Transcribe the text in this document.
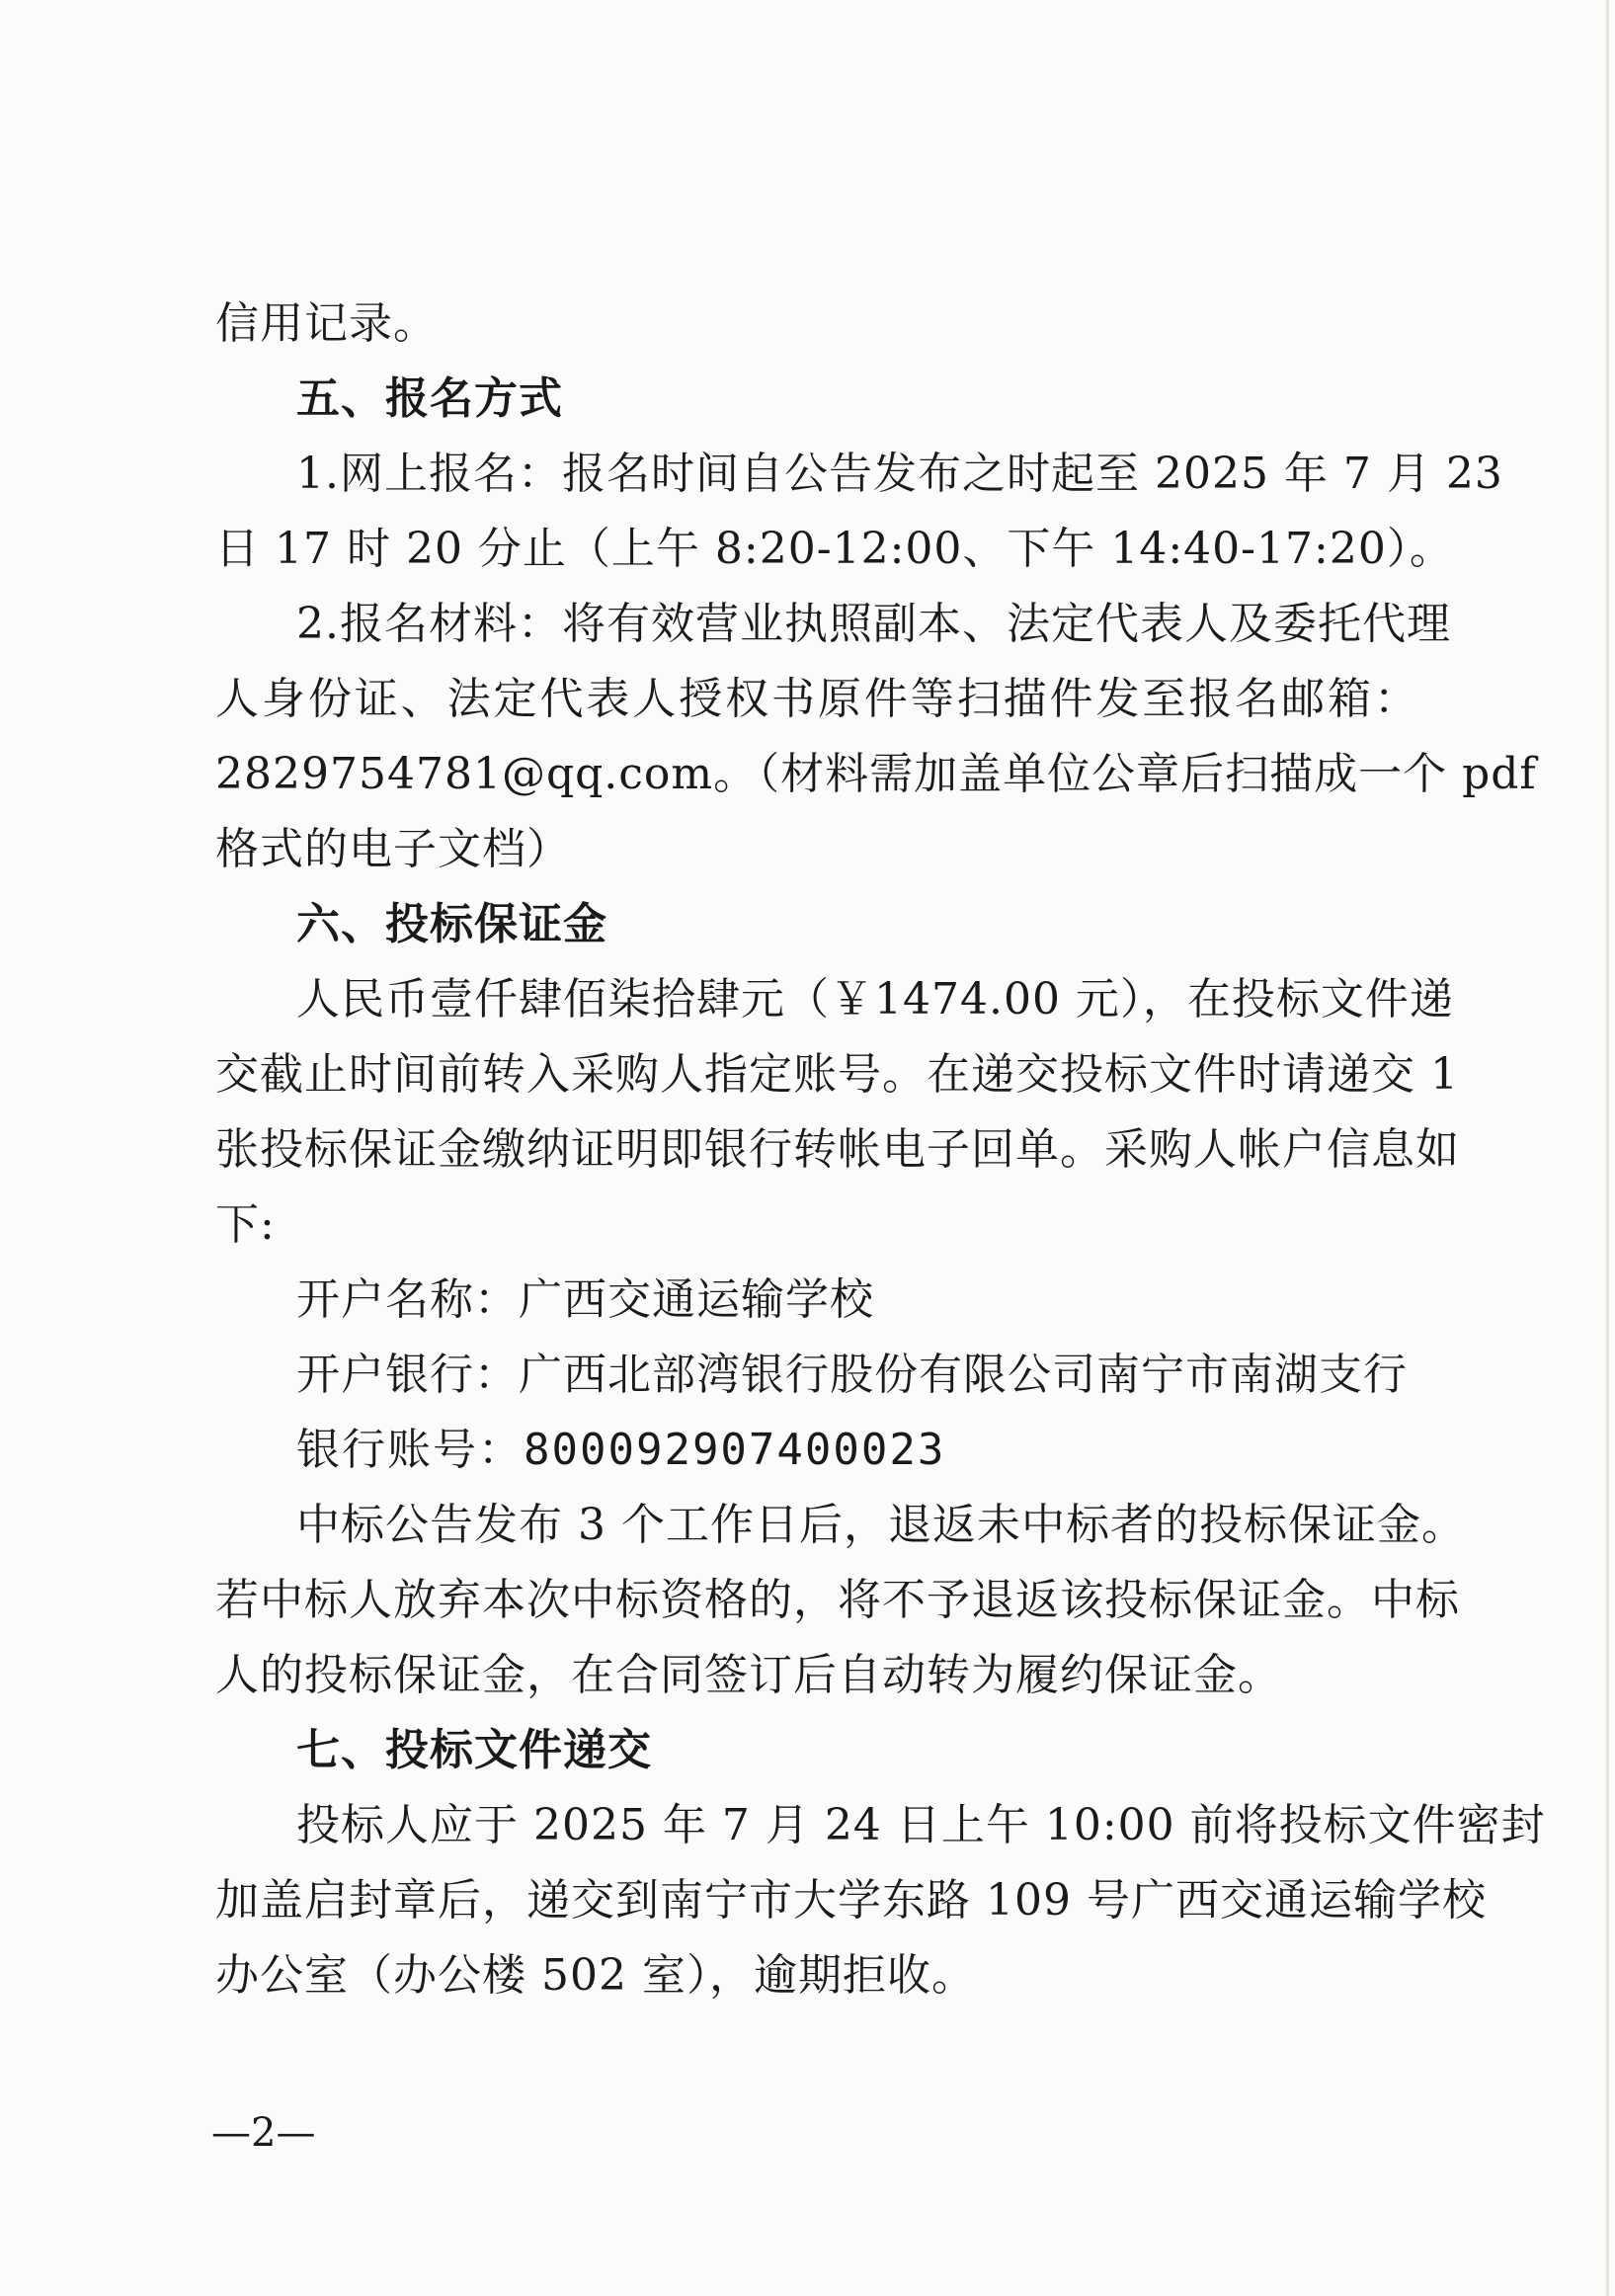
信用记录。
五、报名方式
1.网上报名：报名时间自公告发布之时起至 2025 年 7 月 23
日 17 时 20 分止（上午 8:20-12:00、下午 14:40-17:20）。
2.报名材料：将有效营业执照副本、法定代表人及委托代理
人身份证、法定代表人授权书原件等扫描件发至报名邮箱：
2829754781@qq.com。（材料需加盖单位公章后扫描成一个 pdf
格式的电子文档）
六、投标保证金
人民币壹仟肆佰柒拾肆元（￥1474.00 元），在投标文件递
交截止时间前转入采购人指定账号。在递交投标文件时请递交 1
张投标保证金缴纳证明即银行转帐电子回单。采购人帐户信息如
下:
开户名称：广西交通运输学校
开户银行：广西北部湾银行股份有限公司南宁市南湖支行
银行账号：800092907400023
中标公告发布 3 个工作日后，退返未中标者的投标保证金。
若中标人放弃本次中标资格的，将不予退返该投标保证金。中标
人的投标保证金，在合同签订后自动转为履约保证金。
七、投标文件递交
投标人应于 2025 年 7 月 24 日上午 10:00 前将投标文件密封
加盖启封章后，递交到南宁市大学东路 109 号广西交通运输学校
办公室（办公楼 502 室），逾期拒收。
—2—
